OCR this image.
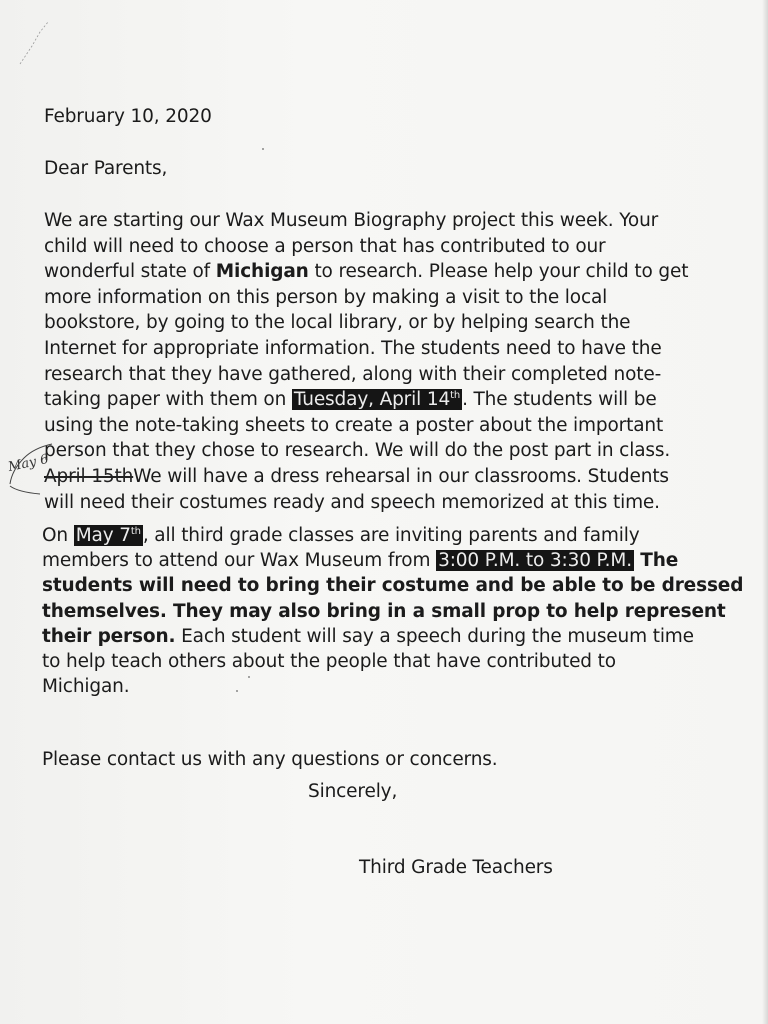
February 10, 2020

Dear Parents,

We are starting our Wax Museum Biography project this week. Your
child will need to choose a person that has contributed to our
wonderful state of Michigan to research. Please help your child to get
more information on this person by making a visit to the local
bookstore, by going to the local library, or by helping search the
Internet for appropriate information. The students need to have the
research that they have gathered, along with their completed note-
taking paper with them on Tuesday, April 14th . The students will be
using the note-taking sheets to create a poster about the important
person that they chose to research. We will do the post part in class.
April 15thWe will have a dress rehearsal in our classrooms. Students
will need their costumes ready and speech memorized at this time.
On May 7th , all third grade classes are inviting parents and family
members to attend our Wax Museum from 3:00 P.M. to 3:30 P.M. The
students will need to bring their costume and be able to be dressed
themselves. They may also bring in a small prop to help represent
their person. Each student will say a speech during the museum time
to help teach others about the people that have contributed to
Michigan.

Please contact us with any questions or concerns.

Sincerely,
Third Grade Teachers
May 6
